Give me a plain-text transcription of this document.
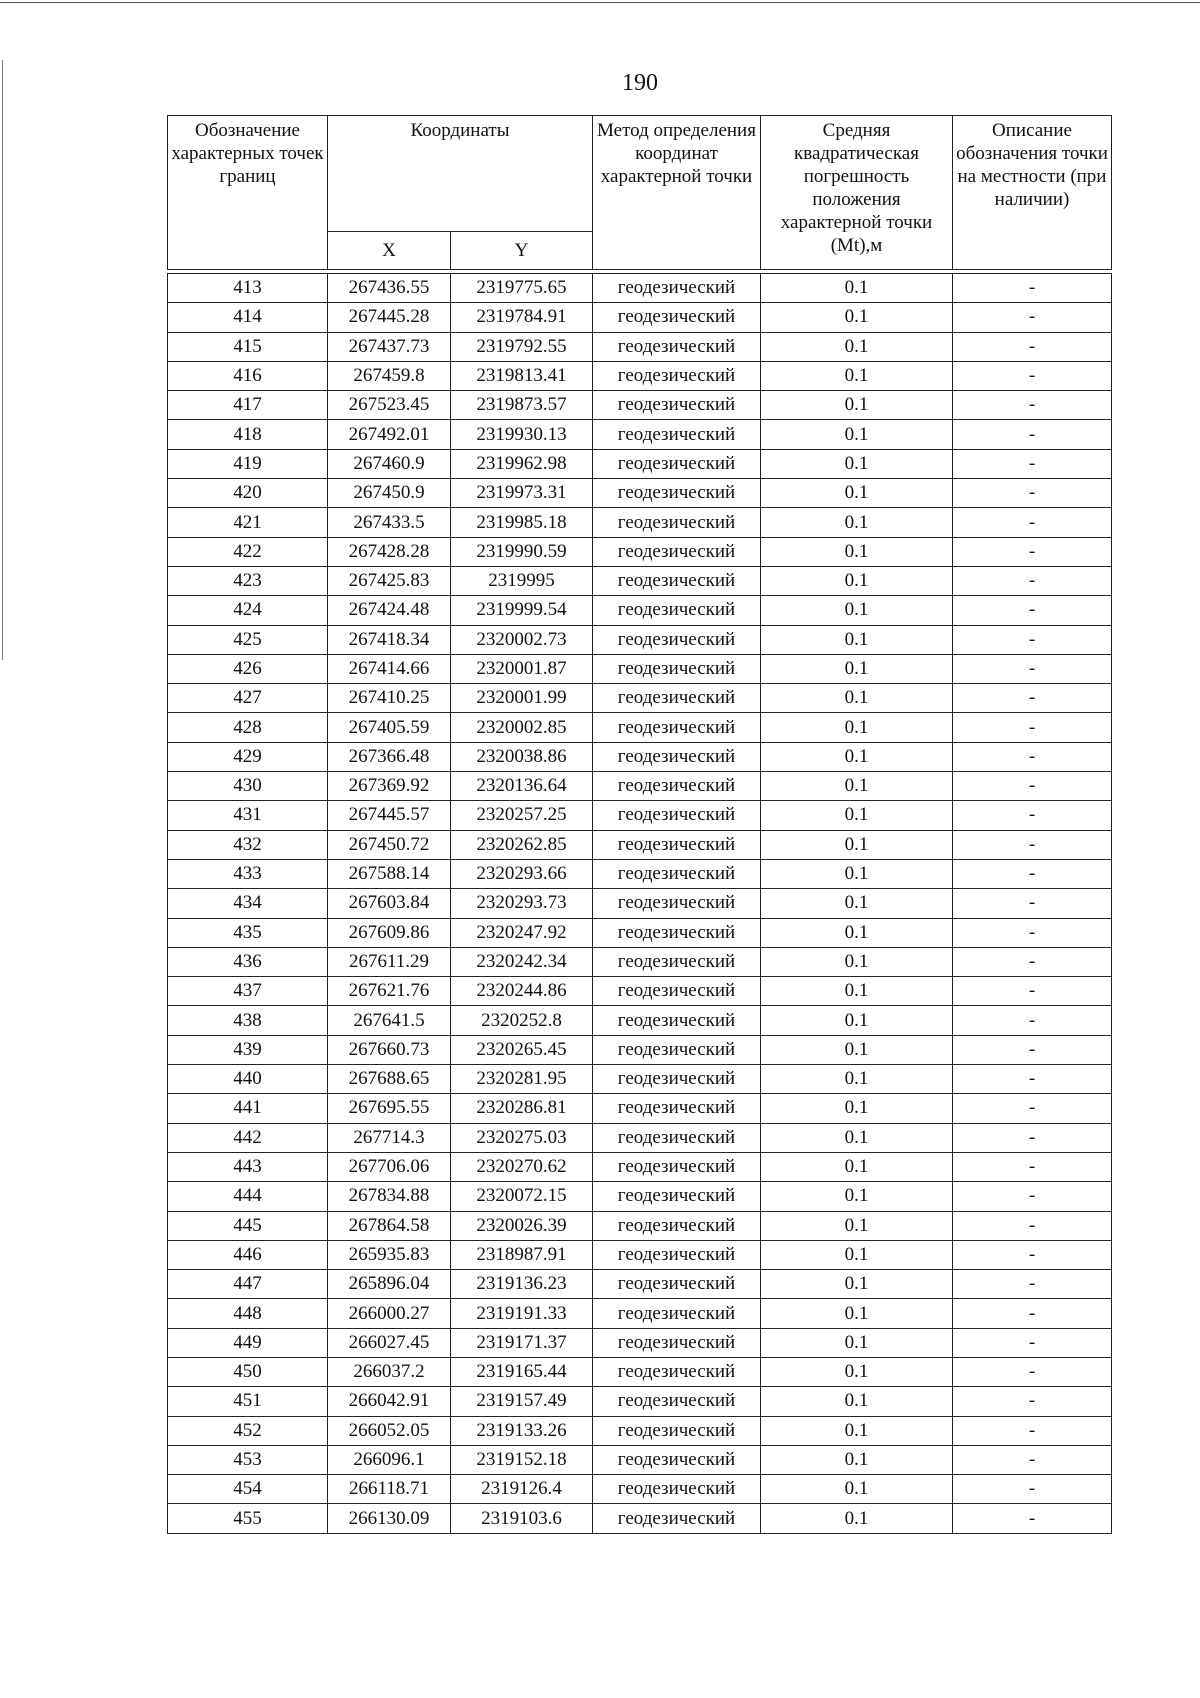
190
Обозначение характерных точек границ	Координаты		Метод определения координат характерной точки	Средняя квадратическая погрешность положения характерной точки (Mt),м	Описание обозначения точки на местности (при наличии)
	X	Y			

413	267436.55	2319775.65	геодезический	0.1	-
414	267445.28	2319784.91	геодезический	0.1	-
415	267437.73	2319792.55	геодезический	0.1	-
416	267459.8	2319813.41	геодезический	0.1	-
417	267523.45	2319873.57	геодезический	0.1	-
418	267492.01	2319930.13	геодезический	0.1	-
419	267460.9	2319962.98	геодезический	0.1	-
420	267450.9	2319973.31	геодезический	0.1	-
421	267433.5	2319985.18	геодезический	0.1	-
422	267428.28	2319990.59	геодезический	0.1	-
423	267425.83	2319995	геодезический	0.1	-
424	267424.48	2319999.54	геодезический	0.1	-
425	267418.34	2320002.73	геодезический	0.1	-
426	267414.66	2320001.87	геодезический	0.1	-
427	267410.25	2320001.99	геодезический	0.1	-
428	267405.59	2320002.85	геодезический	0.1	-
429	267366.48	2320038.86	геодезический	0.1	-
430	267369.92	2320136.64	геодезический	0.1	-
431	267445.57	2320257.25	геодезический	0.1	-
432	267450.72	2320262.85	геодезический	0.1	-
433	267588.14	2320293.66	геодезический	0.1	-
434	267603.84	2320293.73	геодезический	0.1	-
435	267609.86	2320247.92	геодезический	0.1	-
436	267611.29	2320242.34	геодезический	0.1	-
437	267621.76	2320244.86	геодезический	0.1	-
438	267641.5	2320252.8	геодезический	0.1	-
439	267660.73	2320265.45	геодезический	0.1	-
440	267688.65	2320281.95	геодезический	0.1	-
441	267695.55	2320286.81	геодезический	0.1	-
442	267714.3	2320275.03	геодезический	0.1	-
443	267706.06	2320270.62	геодезический	0.1	-
444	267834.88	2320072.15	геодезический	0.1	-
445	267864.58	2320026.39	геодезический	0.1	-
446	265935.83	2318987.91	геодезический	0.1	-
447	265896.04	2319136.23	геодезический	0.1	-
448	266000.27	2319191.33	геодезический	0.1	-
449	266027.45	2319171.37	геодезический	0.1	-
450	266037.2	2319165.44	геодезический	0.1	-
451	266042.91	2319157.49	геодезический	0.1	-
452	266052.05	2319133.26	геодезический	0.1	-
453	266096.1	2319152.18	геодезический	0.1	-
454	266118.71	2319126.4	геодезический	0.1	-
455	266130.09	2319103.6	геодезический	0.1	-
